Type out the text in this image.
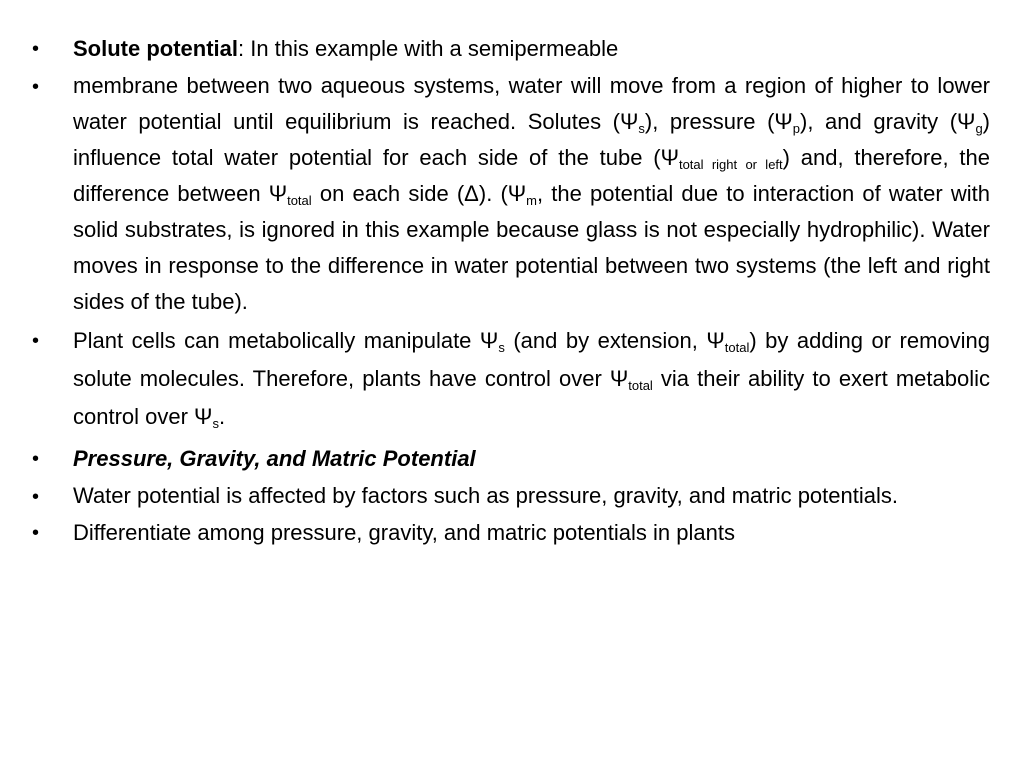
•	Solute potential: In this example with a semipermeable
•	membrane between two aqueous systems, water will move from a region of higher to lower water potential until equilibrium is reached. Solutes $(\Psi_s)$, pressure $(\Psi_p)$, and gravity $(\Psi_g)$ influence total water potential for each side of the tube $(\Psi_{total right or left})$ and, therefore, the difference between $\Psi_{total}$ on each side (Δ). ($\Psi_m$, the potential due to interaction of water with solid substrates, is ignored in this example because glass is not especially hydrophilic). Water moves in response to the difference in water potential between two systems (the left and right sides of the tube).
•	Plant cells can metabolically manipulate $\Psi_s$ (and by extension, $\Psi_{total}$) by adding or removing solute molecules. Therefore, plants have control over $\Psi_{total}$ via their ability to exert metabolic control over $\Psi_s$.
•	Pressure, Gravity, and Matric Potential
•	Water potential is affected by factors such as pressure, gravity, and matric potentials.
•	Differentiate among pressure, gravity, and matric potentials in plants
